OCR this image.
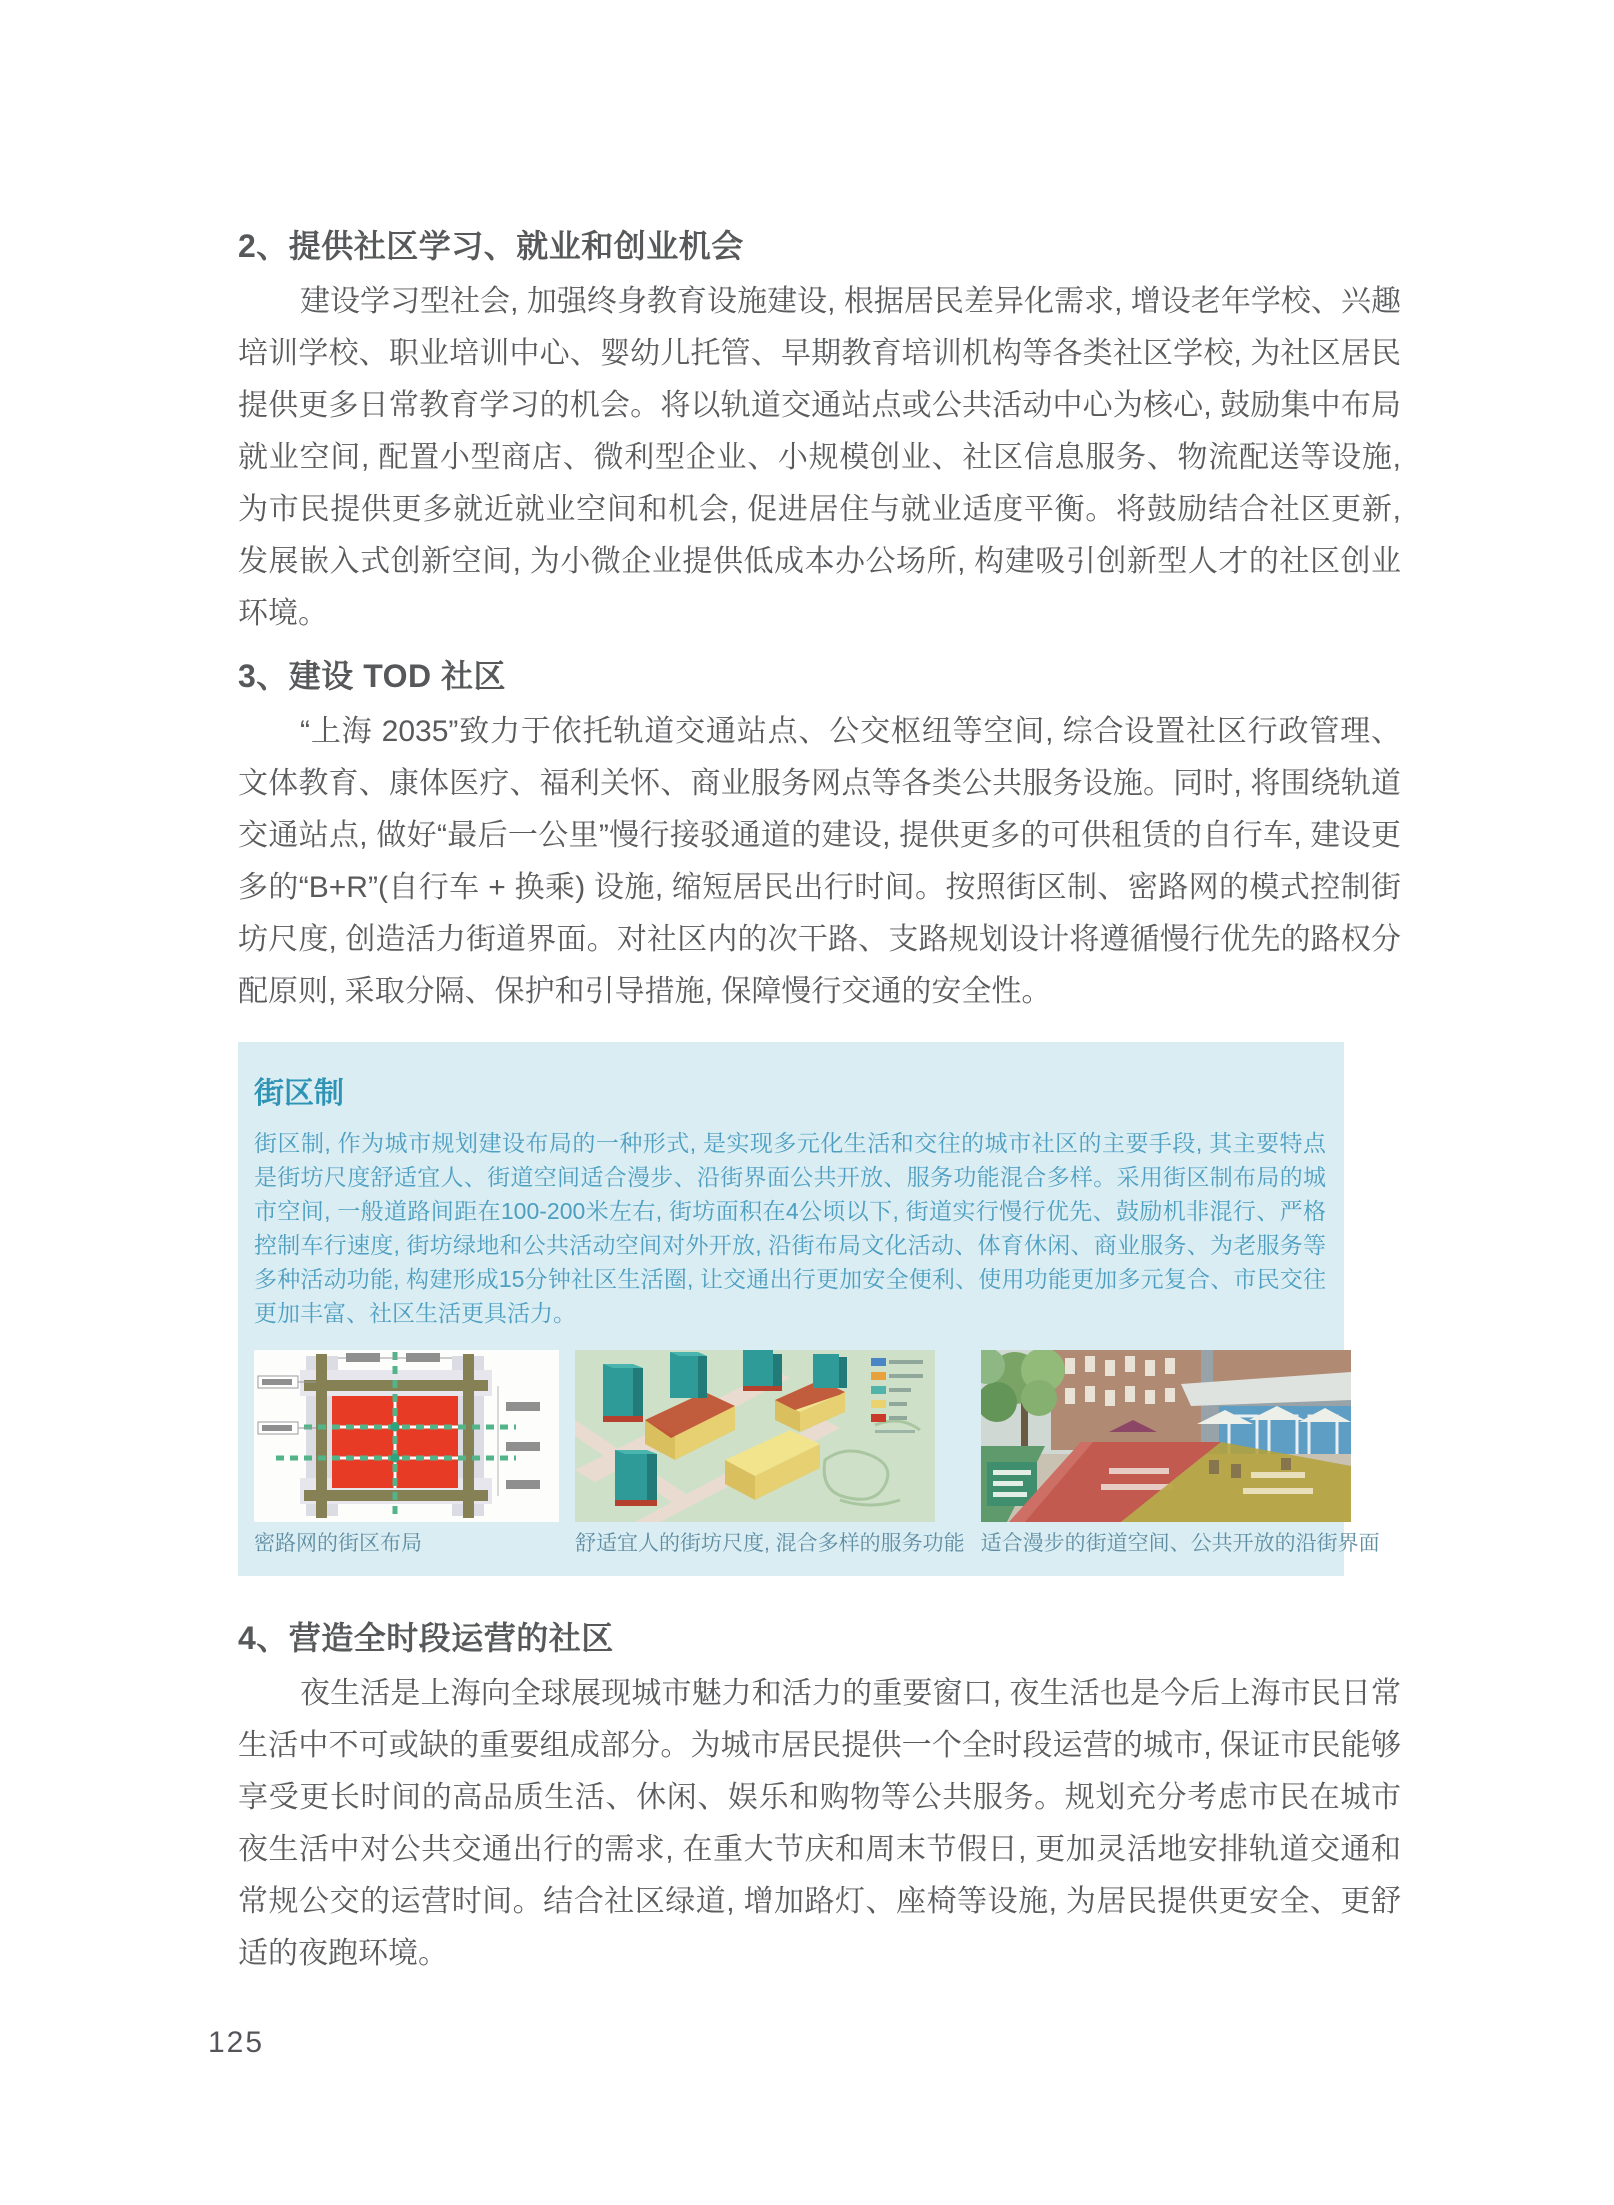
2、提供社区学习、就业和创业机会

建设学习型社会, 加强终身教育设施建设, 根据居民差异化需求, 增设老年学校、兴趣培训学校、职业培训中心、婴幼儿托管、早期教育培训机构等各类社区学校, 为社区居民提供更多日常教育学习的机会。将以轨道交通站点或公共活动中心为核心, 鼓励集中布局就业空间, 配置小型商店、微利型企业、小规模创业、社区信息服务、物流配送等设施, 为市民提供更多就近就业空间和机会, 促进居住与就业适度平衡。将鼓励结合社区更新, 发展嵌入式创新空间, 为小微企业提供低成本办公场所, 构建吸引创新型人才的社区创业环境。

3、建设 TOD 社区

“上海 2035”致力于依托轨道交通站点、公交枢纽等空间, 综合设置社区行政管理、文体教育、康体医疗、福利关怀、商业服务网点等各类公共服务设施。同时, 将围绕轨道交通站点, 做好“最后一公里”慢行接驳通道的建设, 提供更多的可供租赁的自行车, 建设更多的“B+R”(自行车 + 换乘) 设施, 缩短居民出行时间。按照街区制、密路网的模式控制街坊尺度, 创造活力街道界面。对社区内的次干路、支路规划设计将遵循慢行优先的路权分配原则, 采取分隔、保护和引导措施, 保障慢行交通的安全性。

街区制

街区制, 作为城市规划建设布局的一种形式, 是实现多元化生活和交往的城市社区的主要手段, 其主要特点是街坊尺度舒适宜人、街道空间适合漫步、沿街界面公共开放、服务功能混合多样。采用街区制布局的城市空间, 一般道路间距在100-200米左右, 街坊面积在4公顷以下, 街道实行慢行优先、鼓励机非混行、严格控制车行速度, 街坊绿地和公共活动空间对外开放, 沿街布局文化活动、体育休闲、商业服务、为老服务等多种活动功能, 构建形成15分钟社区生活圈, 让交通出行更加安全便利、使用功能更加多元复合、市民交往更加丰富、社区生活更具活力。

密路网的街区布局	舒适宜人的街坊尺度, 混合多样的服务功能 适合漫步的街道空间、公共开放的沿街界面
4、营造全时段运营的社区

夜生活是上海向全球展现城市魅力和活力的重要窗口, 夜生活也是今后上海市民日常生活中不可或缺的重要组成部分。为城市居民提供一个全时段运营的城市, 保证市民能够享受更长时间的高品质生活、休闲、娱乐和购物等公共服务。规划充分考虑市民在城市夜生活中对公共交通出行的需求, 在重大节庆和周末节假日, 更加灵活地安排轨道交通和常规公交的运营时间。结合社区绿道, 增加路灯、座椅等设施, 为居民提供更安全、更舒适的夜跑环境。

125
